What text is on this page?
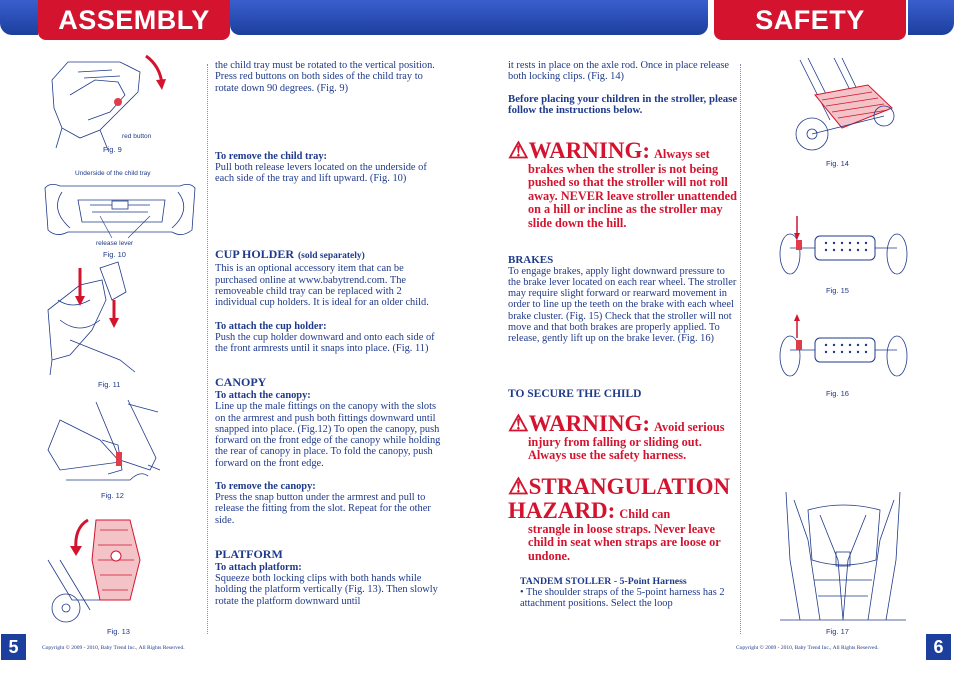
ASSEMBLY	SAFETY
red button
Fig. 9
Underside of the child tray
release lever
Fig. 10
Fig. 11
Fig. 12
Fig. 13
Fig. 14
Fig. 15
Fig. 16
Fig. 17
the child tray must be rotated to the vertical position. Press red buttons on both sides of the child tray to rotate down 90 degrees. (Fig. 9)
To remove the child tray:
Pull both release levers located on the underside of each side of the tray and lift upward. (Fig. 10)
CUP HOLDER (sold separately)
This is an optional accessory item that can be purchased online at www.babytrend.com. The removeable child tray can be replaced with 2 individual cup holders. It is ideal for an older child.
To attach the cup holder:
Push the cup holder downward and onto each side of the front armrests until it snaps into place. (Fig. 11)
CANOPY
To attach the canopy:
Line up the male fittings on the canopy with the slots on the armrest and push both fittings downward until snapped into place. (Fig.12) To open the canopy, push forward on the front edge of the canopy while holding the rear of canopy in place. To fold the canopy, push forward on the front edge.
To remove the canopy:
Press the snap button under the armrest and pull to release the fitting from the slot. Repeat for the other side.
PLATFORM
To attach platform:
Squeeze both locking clips with both hands while holding the platform vertically (Fig. 13). Then slowly rotate the platform downward until
it rests in place on the axle rod. Once in place release both locking clips. (Fig. 14)
Before placing your children in the stroller, please follow the instructions below.
⚠WARNING: Always set
brakes when the stroller is not being pushed so that the stroller will not roll away. NEVER leave stroller unattended on a hill or incline as the stroller may slide down the hill.
BRAKES
To engage brakes, apply light downward pressure to the brake lever located on each rear wheel. The stroller may require slight forward or rearward movement in order to line up the teeth on the brake with each wheel brake cluster. (Fig. 15) Check that the stroller will not move and that both brakes are properly applied. To release, gently lift up on the brake lever. (Fig. 16)
TO SECURE THE CHILD
⚠WARNING: Avoid serious
injury from falling or sliding out. Always use the safety harness.
⚠STRANGULATION
HAZARD: Child can
strangle in loose straps. Never leave child in seat when straps are loose or undone.
TANDEM STOLLER - 5-Point Harness
• The shoulder straps of the 5-point harness has 2 attachment positions. Select the loop
5	Copyright © 2009 - 2010, Baby Trend Inc., All Rights Reserved.	Copyright © 2009 - 2010, Baby Trend Inc., All Rights Reserved.	6
